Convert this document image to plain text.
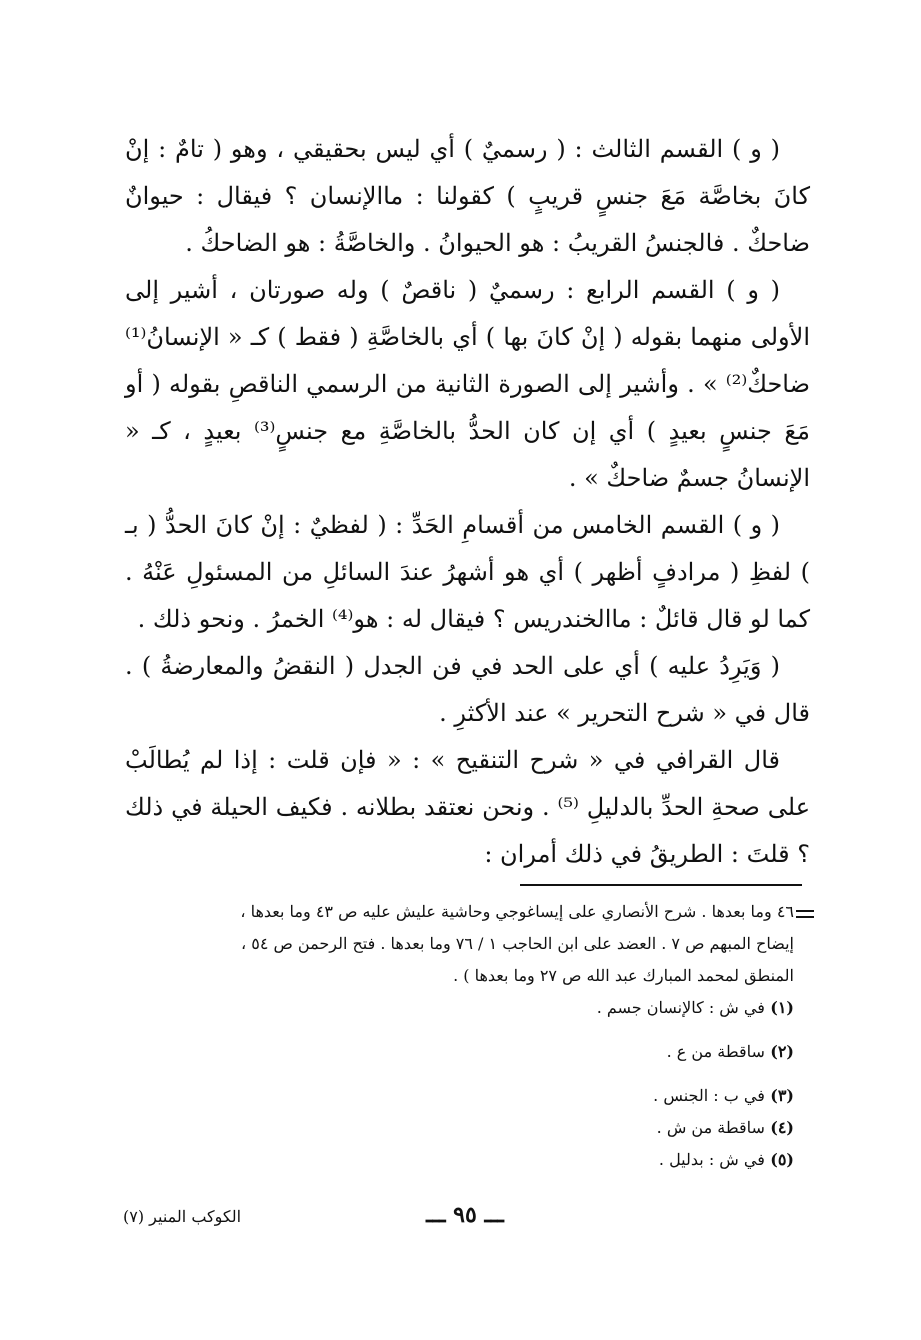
( و ) القسم الثالث : ( رسميٌ ) أي ليس بحقيقي ، وهو ( تامٌ : إنْ كانَ بخاصَّة مَعَ جنسٍ قريبٍ ) كقولنا : ماالإنسان ؟ فيقال : حيوانٌ ضاحكٌ . فالجنسُ القريبُ : هو الحيوانُ . والخاصَّةُ : هو الضاحكُ .

( و ) القسم الرابع : رسميٌ ( ناقصٌ ) وله صورتان ، أشير إلى الأولى منهما بقوله ( إنْ كانَ بها ) أي بالخاصَّةِ ( فقط ) كـ « الإنسانُ⁽¹⁾ ضاحكٌ⁽²⁾ » . وأشير إلى الصورة الثانية من الرسمي الناقصِ بقوله ( أو مَعَ جنسٍ بعيدٍ ) أي إن كان الحدُّ بالخاصَّةِ مع جنسٍ⁽³⁾ بعيدٍ ، كـ « الإنسانُ جسمٌ ضاحكٌ » .

( و ) القسم الخامس من أقسامِ الحَدِّ : ( لفظيٌ : إنْ كانَ الحدُّ ( بـ ) لفظِ ( مرادفٍ أظهر ) أي هو أشهرُ عندَ السائلِ من المسئولِ عَنْهُ . كما لو قال قائلٌ : ماالخندريس ؟ فيقال له : هو⁽⁴⁾ الخمرُ . ونحو ذلك .

( وَيَرِدُ عليه ) أي على الحد في فن الجدل ( النقضُ والمعارضةُ ) . قال في « شرح التحرير » عند الأكثرِ .

قال القرافي في « شرح التنقيح » : « فإن قلت : إذا لم يُطالَبْ على صحةِ الحدِّ بالدليلِ ⁽⁵⁾ . ونحن نعتقد بطلانه . فكيف الحيلة في ذلك ؟ قلتَ : الطريقُ في ذلك أمران :

٤٦ وما بعدها . شرح الأنصاري على إيساغوجي وحاشية عليش عليه ص ٤٣ وما بعدها ،

إيضاح المبهم ص ٧ . العضد على ابن الحاجب ١ / ٧٦ وما بعدها . فتح الرحمن ص ٥٤ ،

المنطق لمحمد المبارك عبد الله ص ٢٧ وما بعدها ) .

(١) في ش : كالإنسان جسم .

(٢) ساقطة من ع .

(٣) في ب : الجنس .

(٤) ساقطة من ش .

(٥) في ش : بدليل .

ـــ ٩٥ ـــ
الكوكب المنير (٧)
